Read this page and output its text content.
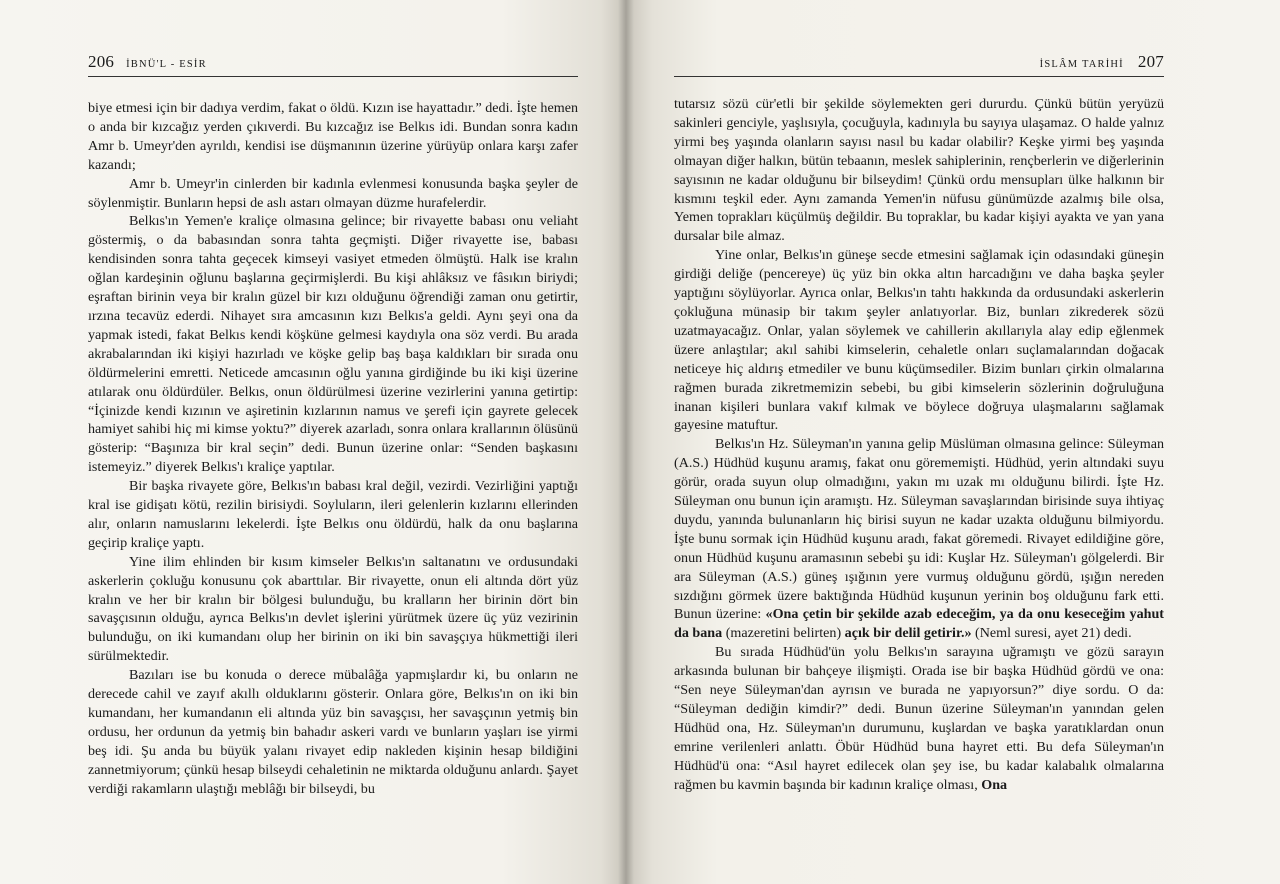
206 İBNÜ'L - ESİR

biye etmesi için bir dadıya verdim, fakat o öldü. Kızın ise hayattadır.” dedi. İşte hemen o anda bir kızcağız yerden çıkıverdi. Bu kızcağız ise Belkıs idi. Bundan sonra kadın Amr b. Umeyr'den ayrıldı, kendisi ise düşmanının üzerine yürüyüp onlara karşı zafer kazandı;

Amr b. Umeyr'in cinlerden bir kadınla evlenmesi konusunda başka şeyler de söylenmiştir. Bunların hepsi de aslı astarı olmayan düzme hurafelerdir.

Belkıs'ın Yemen'e kraliçe olmasına gelince; bir rivayette babası onu veliaht göstermiş, o da babasından sonra tahta geçmişti. Diğer rivayette ise, babası kendisinden sonra tahta geçecek kimseyi vasiyet etmeden ölmüştü. Halk ise kralın oğlan kardeşinin oğlunu başlarına geçirmişlerdi. Bu kişi ahlâksız ve fâsıkın biriydi; eşraftan birinin veya bir kralın güzel bir kızı olduğunu öğrendiği zaman onu getirtir, ırzına tecavüz ederdi. Nihayet sıra amcasının kızı Belkıs'a geldi. Aynı şeyi ona da yapmak istedi, fakat Belkıs kendi köşküne gelmesi kaydıyla ona söz verdi. Bu arada akrabalarından iki kişiyi hazırladı ve köşke gelip baş başa kaldıkları bir sırada onu öldürmelerini emretti. Neticede amcasının oğlu yanına girdiğinde bu iki kişi üzerine atılarak onu öldürdüler. Belkıs, onun öldürülmesi üzerine vezirlerini yanına getirtip: “İçinizde kendi kızının ve aşiretinin kızlarının namus ve şerefi için gayrete gelecek hamiyet sahibi hiç mi kimse yoktu?” diyerek azarladı, sonra onlara krallarının ölüsünü gösterip: “Başınıza bir kral seçin” dedi. Bunun üzerine onlar: “Senden başkasını istemeyiz.” diyerek Belkıs'ı kraliçe yaptılar.

Bir başka rivayete göre, Belkıs'ın babası kral değil, vezirdi. Vezirliğini yaptığı kral ise gidişatı kötü, rezilin birisiydi. Soyluların, ileri gelenlerin kızlarını ellerinden alır, onların namuslarını lekelerdi. İşte Belkıs onu öldürdü, halk da onu başlarına geçirip kraliçe yaptı.

Yine ilim ehlinden bir kısım kimseler Belkıs'ın saltanatını ve ordusundaki askerlerin çokluğu konusunu çok abarttılar. Bir rivayette, onun eli altında dört yüz kralın ve her bir kralın bir bölgesi bulunduğu, bu kralların her birinin dört bin savaşçısının olduğu, ayrıca Belkıs'ın devlet işlerini yürütmek üzere üç yüz vezirinin bulunduğu, on iki kumandanı olup her birinin on iki bin savaşçıya hükmettiği ileri sürülmektedir.

Bazıları ise bu konuda o derece mübalâğa yapmışlardır ki, bu onların ne derecede cahil ve zayıf akıllı olduklarını gösterir. Onlara göre, Belkıs'ın on iki bin kumandanı, her kumandanın eli altında yüz bin savaşçısı, her savaşçının yetmiş bin ordusu, her ordunun da yetmiş bin bahadır askeri vardı ve bunların yaşları ise yirmi beş idi. Şu anda bu büyük yalanı rivayet edip nakleden kişinin hesap bildiğini zannetmiyorum; çünkü hesap bilseydi cehaletinin ne miktarda olduğunu anlardı. Şayet verdiği rakamların ulaştığı meblâğı bir bilseydi, bu

İSLÂM TARİHİ 207

tutarsız sözü cür'etli bir şekilde söylemekten geri dururdu. Çünkü bütün yeryüzü sakinleri genciyle, yaşlısıyla, çocuğuyla, kadınıyla bu sayıya ulaşamaz. O halde yalnız yirmi beş yaşında olanların sayısı nasıl bu kadar olabilir? Keşke yirmi beş yaşında olmayan diğer halkın, bütün tebaanın, meslek sahiplerinin, rençberlerin ve diğerlerinin sayısının ne kadar olduğunu bir bilseydim! Çünkü ordu mensupları ülke halkının bir kısmını teşkil eder. Aynı zamanda Yemen'in nüfusu günümüzde azalmış bile olsa, Yemen toprakları küçülmüş değildir. Bu topraklar, bu kadar kişiyi ayakta ve yan yana dursalar bile almaz.

Yine onlar, Belkıs'ın güneşe secde etmesini sağlamak için odasındaki güneşin girdiği deliğe (pencereye) üç yüz bin okka altın harcadığını ve daha başka şeyler yaptığını söylüyorlar. Ayrıca onlar, Belkıs'ın tahtı hakkında da ordusundaki askerlerin çokluğuna münasip bir takım şeyler anlatıyorlar. Biz, bunları zikrederek sözü uzatmayacağız. Onlar, yalan söylemek ve cahillerin akıllarıyla alay edip eğlenmek üzere anlaştılar; akıl sahibi kimselerin, cehaletle onları suçlamalarından doğacak neticeye hiç aldırış etmediler ve bunu küçümsediler. Bizim bunları çirkin olmalarına rağmen burada zikretmemizin sebebi, bu gibi kimselerin sözlerinin doğruluğuna inanan kişileri bunlara vakıf kılmak ve böylece doğruya ulaşmalarını sağlamak gayesine matuftur.

Belkıs'ın Hz. Süleyman'ın yanına gelip Müslüman olmasına gelince: Süleyman (A.S.) Hüdhüd kuşunu aramış, fakat onu görememişti. Hüdhüd, yerin altındaki suyu görür, orada suyun olup olmadığını, yakın mı uzak mı olduğunu bilirdi. İşte Hz. Süleyman onu bunun için aramıştı. Hz. Süleyman savaşlarından birisinde suya ihtiyaç duydu, yanında bulunanların hiç birisi suyun ne kadar uzakta olduğunu bilmiyordu. İşte bunu sormak için Hüdhüd kuşunu aradı, fakat göremedi. Rivayet edildiğine göre, onun Hüdhüd kuşunu aramasının sebebi şu idi: Kuşlar Hz. Süleyman'ı gölgelerdi. Bir ara Süleyman (A.S.) güneş ışığının yere vurmuş olduğunu gördü, ışığın nereden sızdığını görmek üzere baktığında Hüdhüd kuşunun yerinin boş olduğunu fark etti. Bunun üzerine: «Ona çetin bir şekilde azab edeceğim, ya da onu keseceğim yahut da bana (mazeretini belirten) açık bir delil getirir.» (Neml suresi, ayet 21) dedi.

Bu sırada Hüdhüd'ün yolu Belkıs'ın sarayına uğramıştı ve gözü sarayın arkasında bulunan bir bahçeye ilişmişti. Orada ise bir başka Hüdhüd gördü ve ona: “Sen neye Süleyman'dan ayrısın ve burada ne yapıyorsun?” diye sordu. O da: “Süleyman dediğin kimdir?” dedi. Bunun üzerine Süleyman'ın yanından gelen Hüdhüd ona, Hz. Süleyman'ın durumunu, kuşlardan ve başka yaratıklardan onun emrine verilenleri anlattı. Öbür Hüdhüd buna hayret etti. Bu defa Süleyman'ın Hüdhüd'ü ona: “Asıl hayret edilecek olan şey ise, bu kadar kalabalık olmalarına rağmen bu kavmin başında bir kadının kraliçe olması, Ona
